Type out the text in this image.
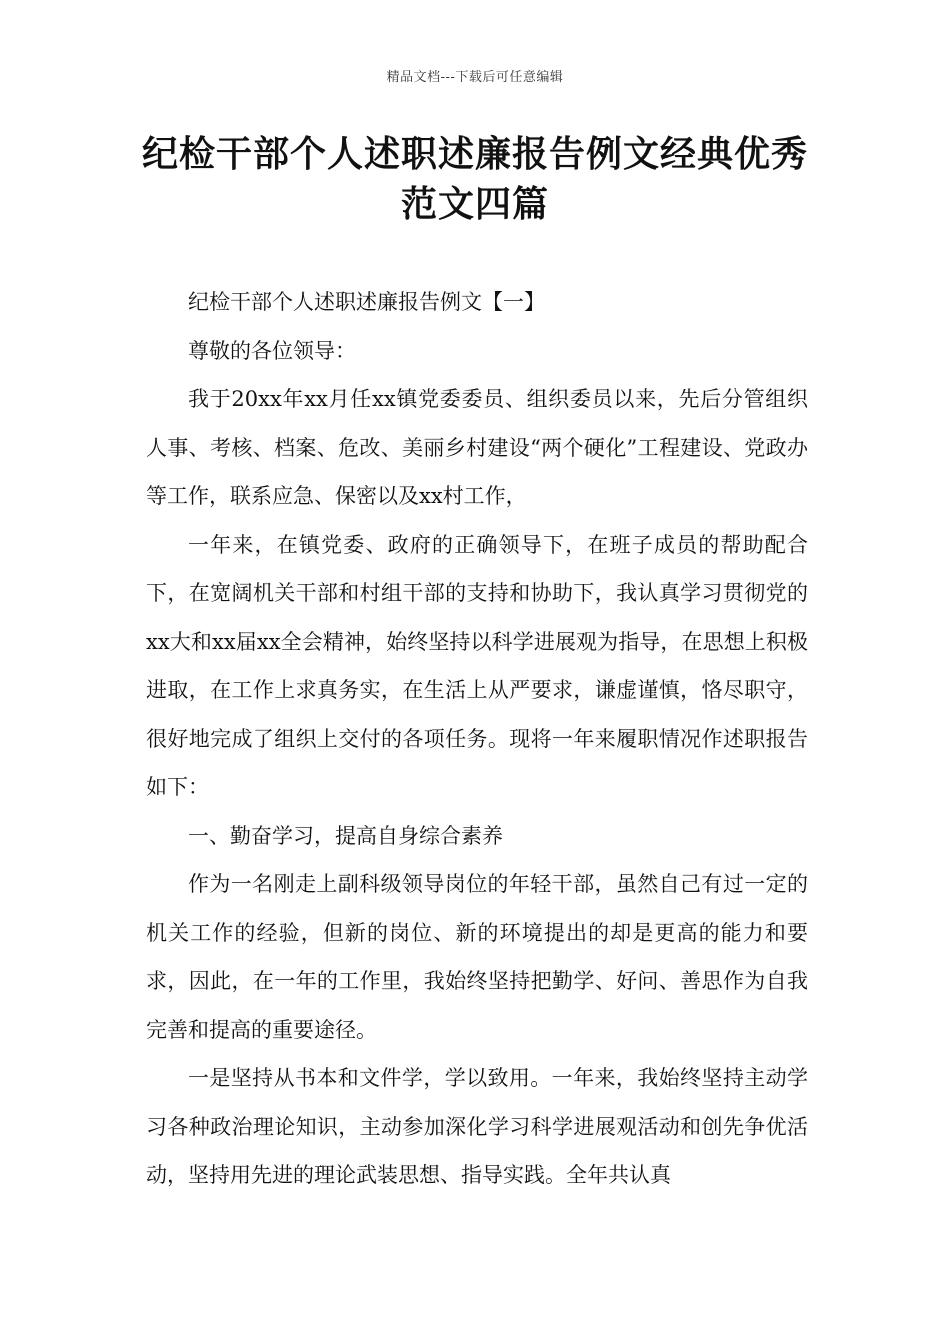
精品文档---下载后可任意编辑
纪检干部个人述职述廉报告例文经典优秀范文四篇

纪检干部个人述职述廉报告例文【一】

尊敬的各位领导：

我于20xx年xx月任xx镇党委委员、组织委员以来，先后分管组织人事、考核、档案、危改、美丽乡村建设“两个硬化”工程建设、党政办等工作，联系应急、保密以及xx村工作，

一年来，在镇党委、政府的正确领导下，在班子成员的帮助配合下，在宽阔机关干部和村组干部的支持和协助下，我认真学习贯彻党的xx大和xx届xx全会精神，始终坚持以科学进展观为指导，在思想上积极进取，在工作上求真务实，在生活上从严要求，谦虚谨慎，恪尽职守，很好地完成了组织上交付的各项任务。现将一年来履职情况作述职报告如下：

一、勤奋学习，提高自身综合素养

作为一名刚走上副科级领导岗位的年轻干部，虽然自己有过一定的机关工作的经验，但新的岗位、新的环境提出的却是更高的能力和要求，因此，在一年的工作里，我始终坚持把勤学、好问、善思作为自我完善和提高的重要途径。

一是坚持从书本和文件学，学以致用。一年来，我始终坚持主动学习各种政治理论知识，主动参加深化学习科学进展观活动和创先争优活动，坚持用先进的理论武装思想、指导实践。全年共认真
